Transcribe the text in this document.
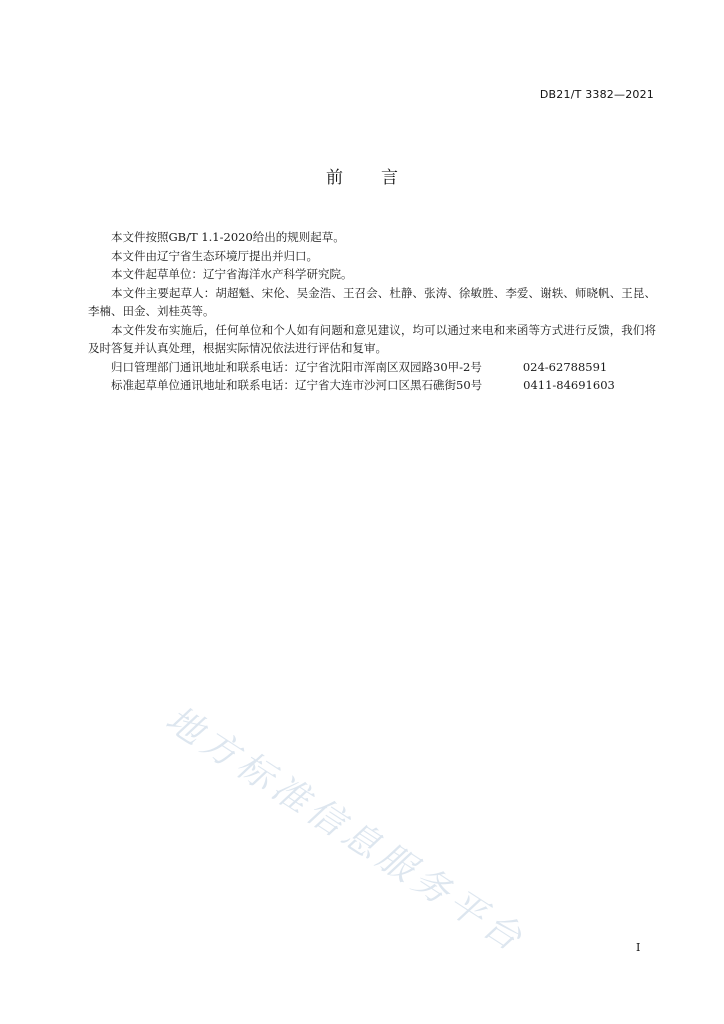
DB21/T 3382—2021
前 言

本文件按照GB/T 1.1-2020给出的规则起草。

本文件由辽宁省生态环境厅提出并归口。

本文件起草单位：辽宁省海洋水产科学研究院。

本文件主要起草人：胡超魁、宋伦、吴金浩、王召会、杜静、张涛、徐敏胜、李爱、谢轶、师晓帆、王昆、李楠、田金、刘桂英等。

本文件发布实施后，任何单位和个人如有问题和意见建议，均可以通过来电和来函等方式进行反馈，我们将及时答复并认真处理，根据实际情况依法进行评估和复审。

归口管理部门通讯地址和联系电话：辽宁省沈阳市浑南区双园路30甲-2号	024-62788591

标准起草单位通讯地址和联系电话：辽宁省大连市沙河口区黑石礁街50号	0411-84691603

地方标准信息服务平台	I
